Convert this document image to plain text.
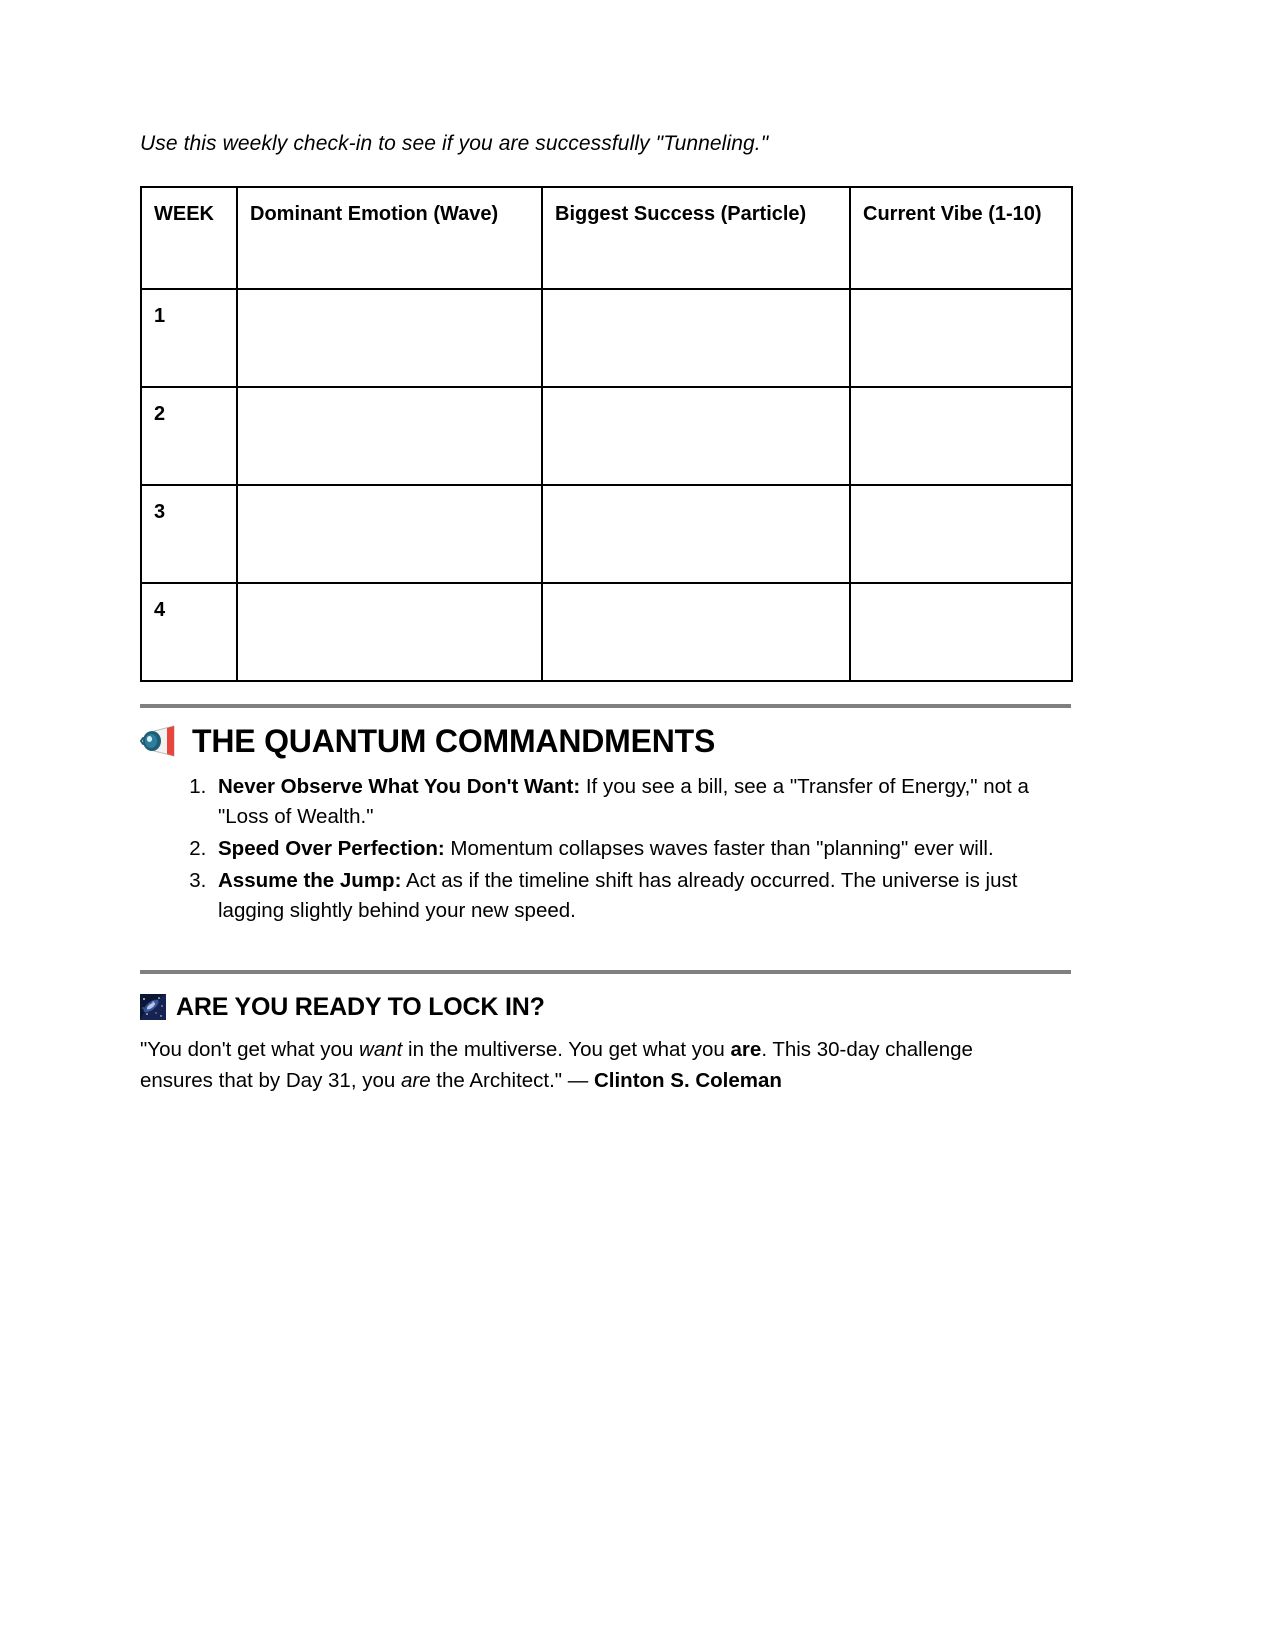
Use this weekly check-in to see if you are successfully "Tunneling."

WEEK	Dominant Emotion (Wave)	Biggest Success (Particle)	Current Vibe (1-10)
1			
2			
3			
4			
THE QUANTUM COMMANDMENTS
1. Never Observe What You Don't Want: If you see a bill, see a "Transfer of Energy," not a "Loss of Wealth."
2. Speed Over Perfection: Momentum collapses waves faster than "planning" ever will.
3. Assume the Jump: Act as if the timeline shift has already occurred. The universe is just lagging slightly behind your new speed.
ARE YOU READY TO LOCK IN?

"You don't get what you want in the multiverse. You get what you are. This 30-day challenge ensures that by Day 31, you are the Architect." — Clinton S. Coleman
